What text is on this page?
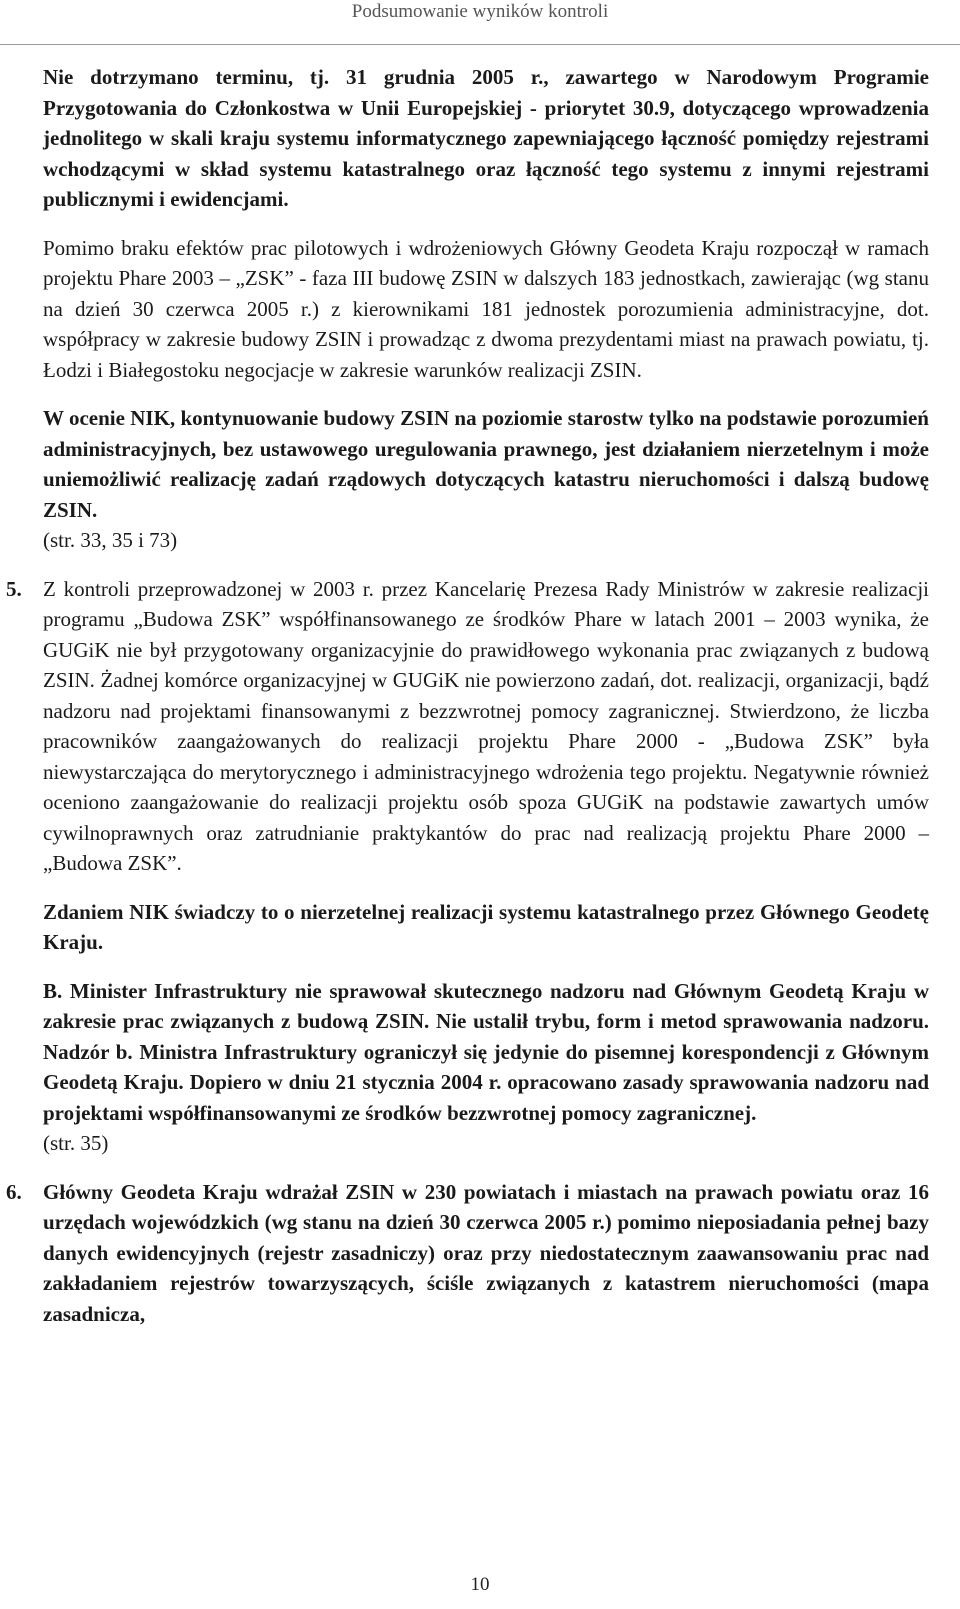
Podsumowanie wyników kontroli

Nie dotrzymano terminu, tj. 31 grudnia 2005 r., zawartego w Narodowym Programie Przygotowania do Członkostwa w Unii Europejskiej - priorytet 30.9, dotyczącego wprowadzenia jednolitego w skali kraju systemu informatycznego zapewniającego łączność pomiędzy rejestrami wchodzącymi w skład systemu katastralnego oraz łączność tego systemu z innymi rejestrami publicznymi i ewidencjami.

Pomimo braku efektów prac pilotowych i wdrożeniowych Główny Geodeta Kraju rozpoczął w ramach projektu Phare 2003 – „ZSK” - faza III budowę ZSIN w dalszych 183 jednostkach, zawierając (wg stanu na dzień 30 czerwca 2005 r.) z kierownikami 181 jednostek porozumienia administracyjne, dot. współpracy w zakresie budowy ZSIN i prowadząc z dwoma prezydentami miast na prawach powiatu, tj. Łodzi i Białegostoku negocjacje w zakresie warunków realizacji ZSIN.

W ocenie NIK, kontynuowanie budowy ZSIN na poziomie starostw tylko na podstawie porozumień administracyjnych, bez ustawowego uregulowania prawnego, jest działaniem nierzetelnym i może uniemożliwić realizację zadań rządowych dotyczących katastru nieruchomości i dalszą budowę ZSIN.

(str. 33, 35 i 73)

5. Z kontroli przeprowadzonej w 2003 r. przez Kancelarię Prezesa Rady Ministrów w zakresie realizacji programu „Budowa ZSK” współfinansowanego ze środków Phare w latach 2001 – 2003 wynika, że GUGiK nie był przygotowany organizacyjnie do prawidłowego wykonania prac związanych z budową ZSIN. Żadnej komórce organizacyjnej w GUGiK nie powierzono zadań, dot. realizacji, organizacji, bądź nadzoru nad projektami finansowanymi z bezzwrotnej pomocy zagranicznej. Stwierdzono, że liczba pracowników zaangażowanych do realizacji projektu Phare 2000 - „Budowa ZSK” była niewystarczająca do merytorycznego i administracyjnego wdrożenia tego projektu. Negatywnie również oceniono zaangażowanie do realizacji projektu osób spoza GUGiK na podstawie zawartych umów cywilnoprawnych oraz zatrudnianie praktykantów do prac nad realizacją projektu Phare 2000 – „Budowa ZSK”.

Zdaniem NIK świadczy to o nierzetelnej realizacji systemu katastralnego przez Głównego Geodetę Kraju.

B. Minister Infrastruktury nie sprawował skutecznego nadzoru nad Głównym Geodetą Kraju w zakresie prac związanych z budową ZSIN. Nie ustalił trybu, form i metod sprawowania nadzoru. Nadzór b. Ministra Infrastruktury ograniczył się jedynie do pisemnej korespondencji z Głównym Geodetą Kraju. Dopiero w dniu 21 stycznia 2004 r. opracowano zasady sprawowania nadzoru nad projektami współfinansowanymi ze środków bezzwrotnej pomocy zagranicznej.

(str. 35)

6. Główny Geodeta Kraju wdrażał ZSIN w 230 powiatach i miastach na prawach powiatu oraz 16 urzędach wojewódzkich (wg stanu na dzień 30 czerwca 2005 r.) pomimo nieposiadania pełnej bazy danych ewidencyjnych (rejestr zasadniczy) oraz przy niedostatecznym zaawansowaniu prac nad zakładaniem rejestrów towarzyszących, ściśle związanych z katastrem nieruchomości (mapa zasadnicza,

10
